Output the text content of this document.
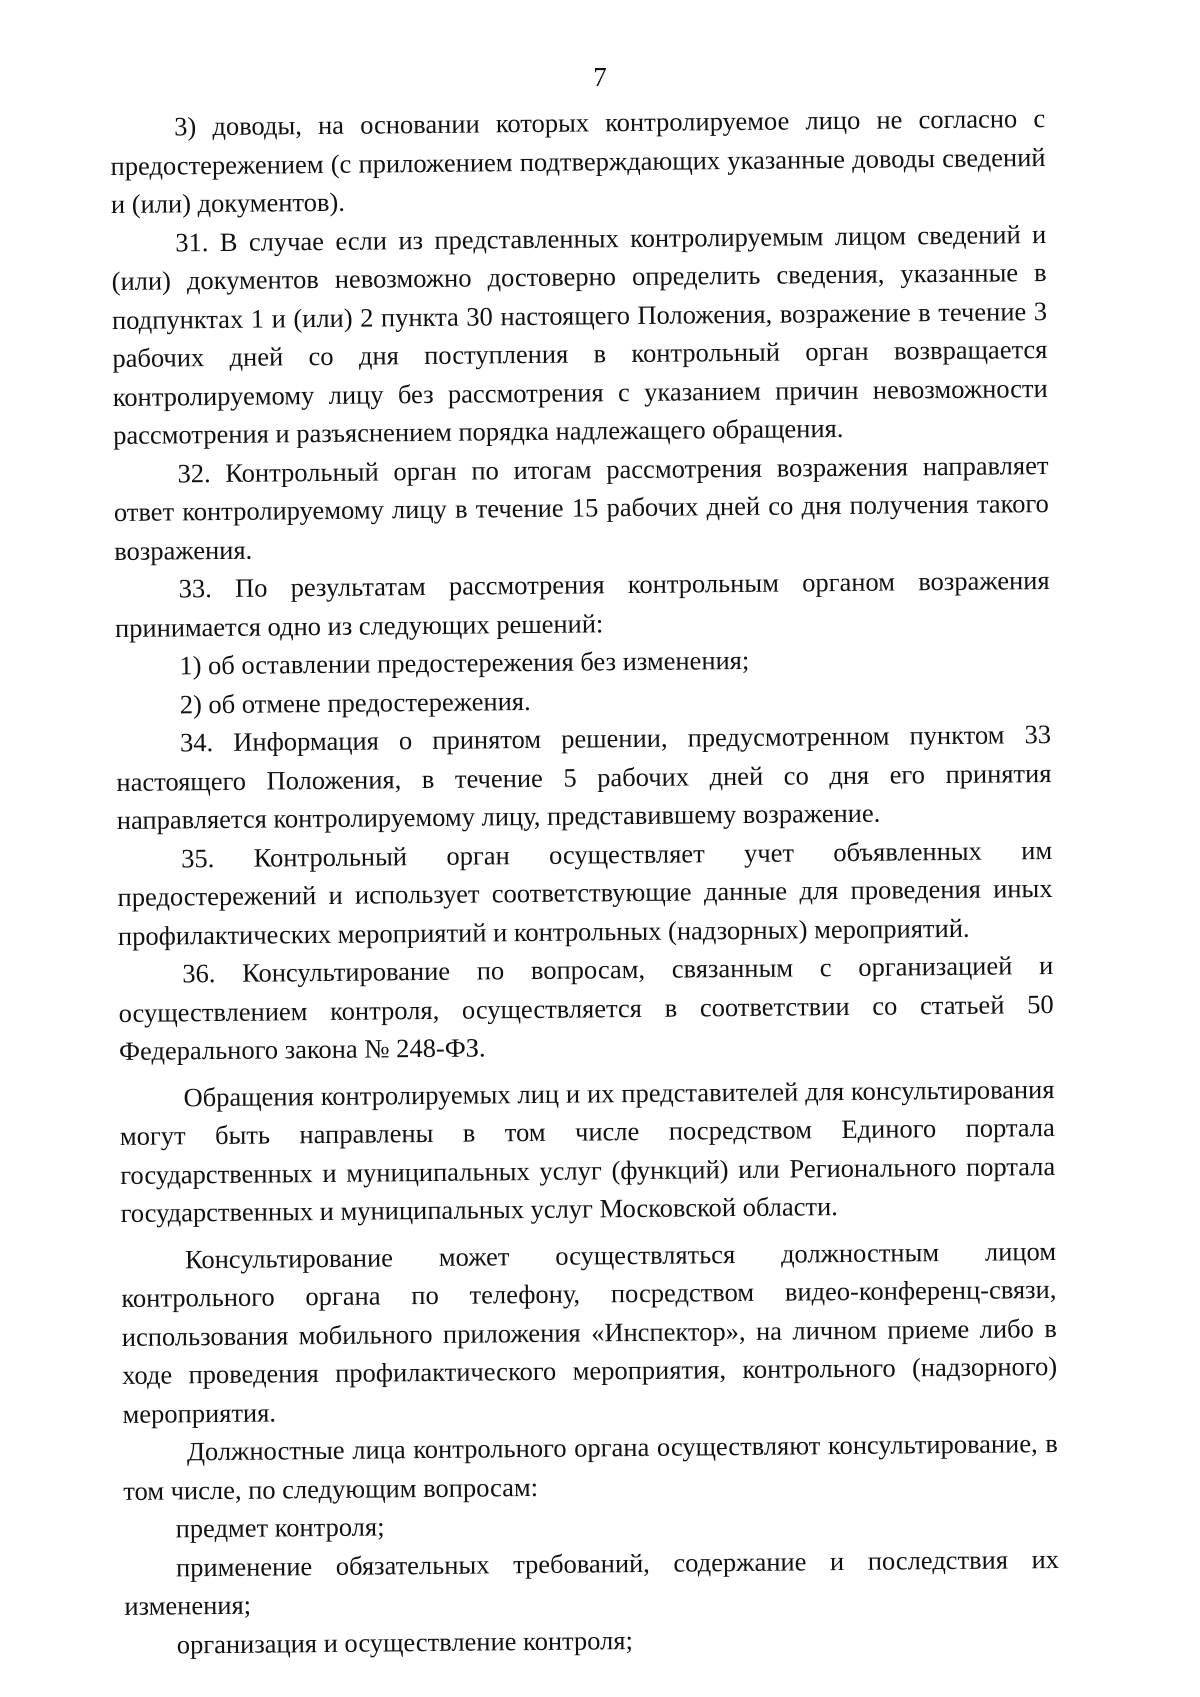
7

3) доводы, на основании которых контролируемое лицо не согласно с предостережением (с приложением подтверждающих указанные доводы сведений и (или) документов).

31. В случае если из представленных контролируемым лицом сведений и (или) документов невозможно достоверно определить сведения, указанные в подпунктах 1 и (или) 2 пункта 30 настоящего Положения, возражение в течение 3 рабочих дней со дня поступления в контрольный орган возвращается контролируемому лицу без рассмотрения с указанием причин невозможности рассмотрения и разъяснением порядка надлежащего обращения.

32. Контрольный орган по итогам рассмотрения возражения направляет ответ контролируемому лицу в течение 15 рабочих дней со дня получения такого возражения.

33. По результатам рассмотрения контрольным органом возражения принимается одно из следующих решений:

1) об оставлении предостережения без изменения;

2) об отмене предостережения.

34. Информация о принятом решении, предусмотренном пунктом 33 настоящего Положения, в течение 5 рабочих дней со дня его принятия направляется контролируемому лицу, представившему возражение.

35. Контрольный орган осуществляет учет объявленных им предостережений и использует соответствующие данные для проведения иных профилактических мероприятий и контрольных (надзорных) мероприятий.

36. Консультирование по вопросам, связанным с организацией и осуществлением контроля, осуществляется в соответствии со статьей 50 Федерального закона № 248-ФЗ.

Обращения контролируемых лиц и их представителей для консультирования могут быть направлены в том числе посредством Единого портала государственных и муниципальных услуг (функций) или Регионального портала государственных и муниципальных услуг Московской области.

Консультирование может осуществляться должностным лицом контрольного органа по телефону, посредством видео-конференц-связи, использования мобильного приложения «Инспектор», на личном приеме либо в ходе проведения профилактического мероприятия, контрольного (надзорного) мероприятия.

Должностные лица контрольного органа осуществляют консультирование, в том числе, по следующим вопросам:

предмет контроля;

применение обязательных требований, содержание и последствия их изменения;

организация и осуществление контроля;
